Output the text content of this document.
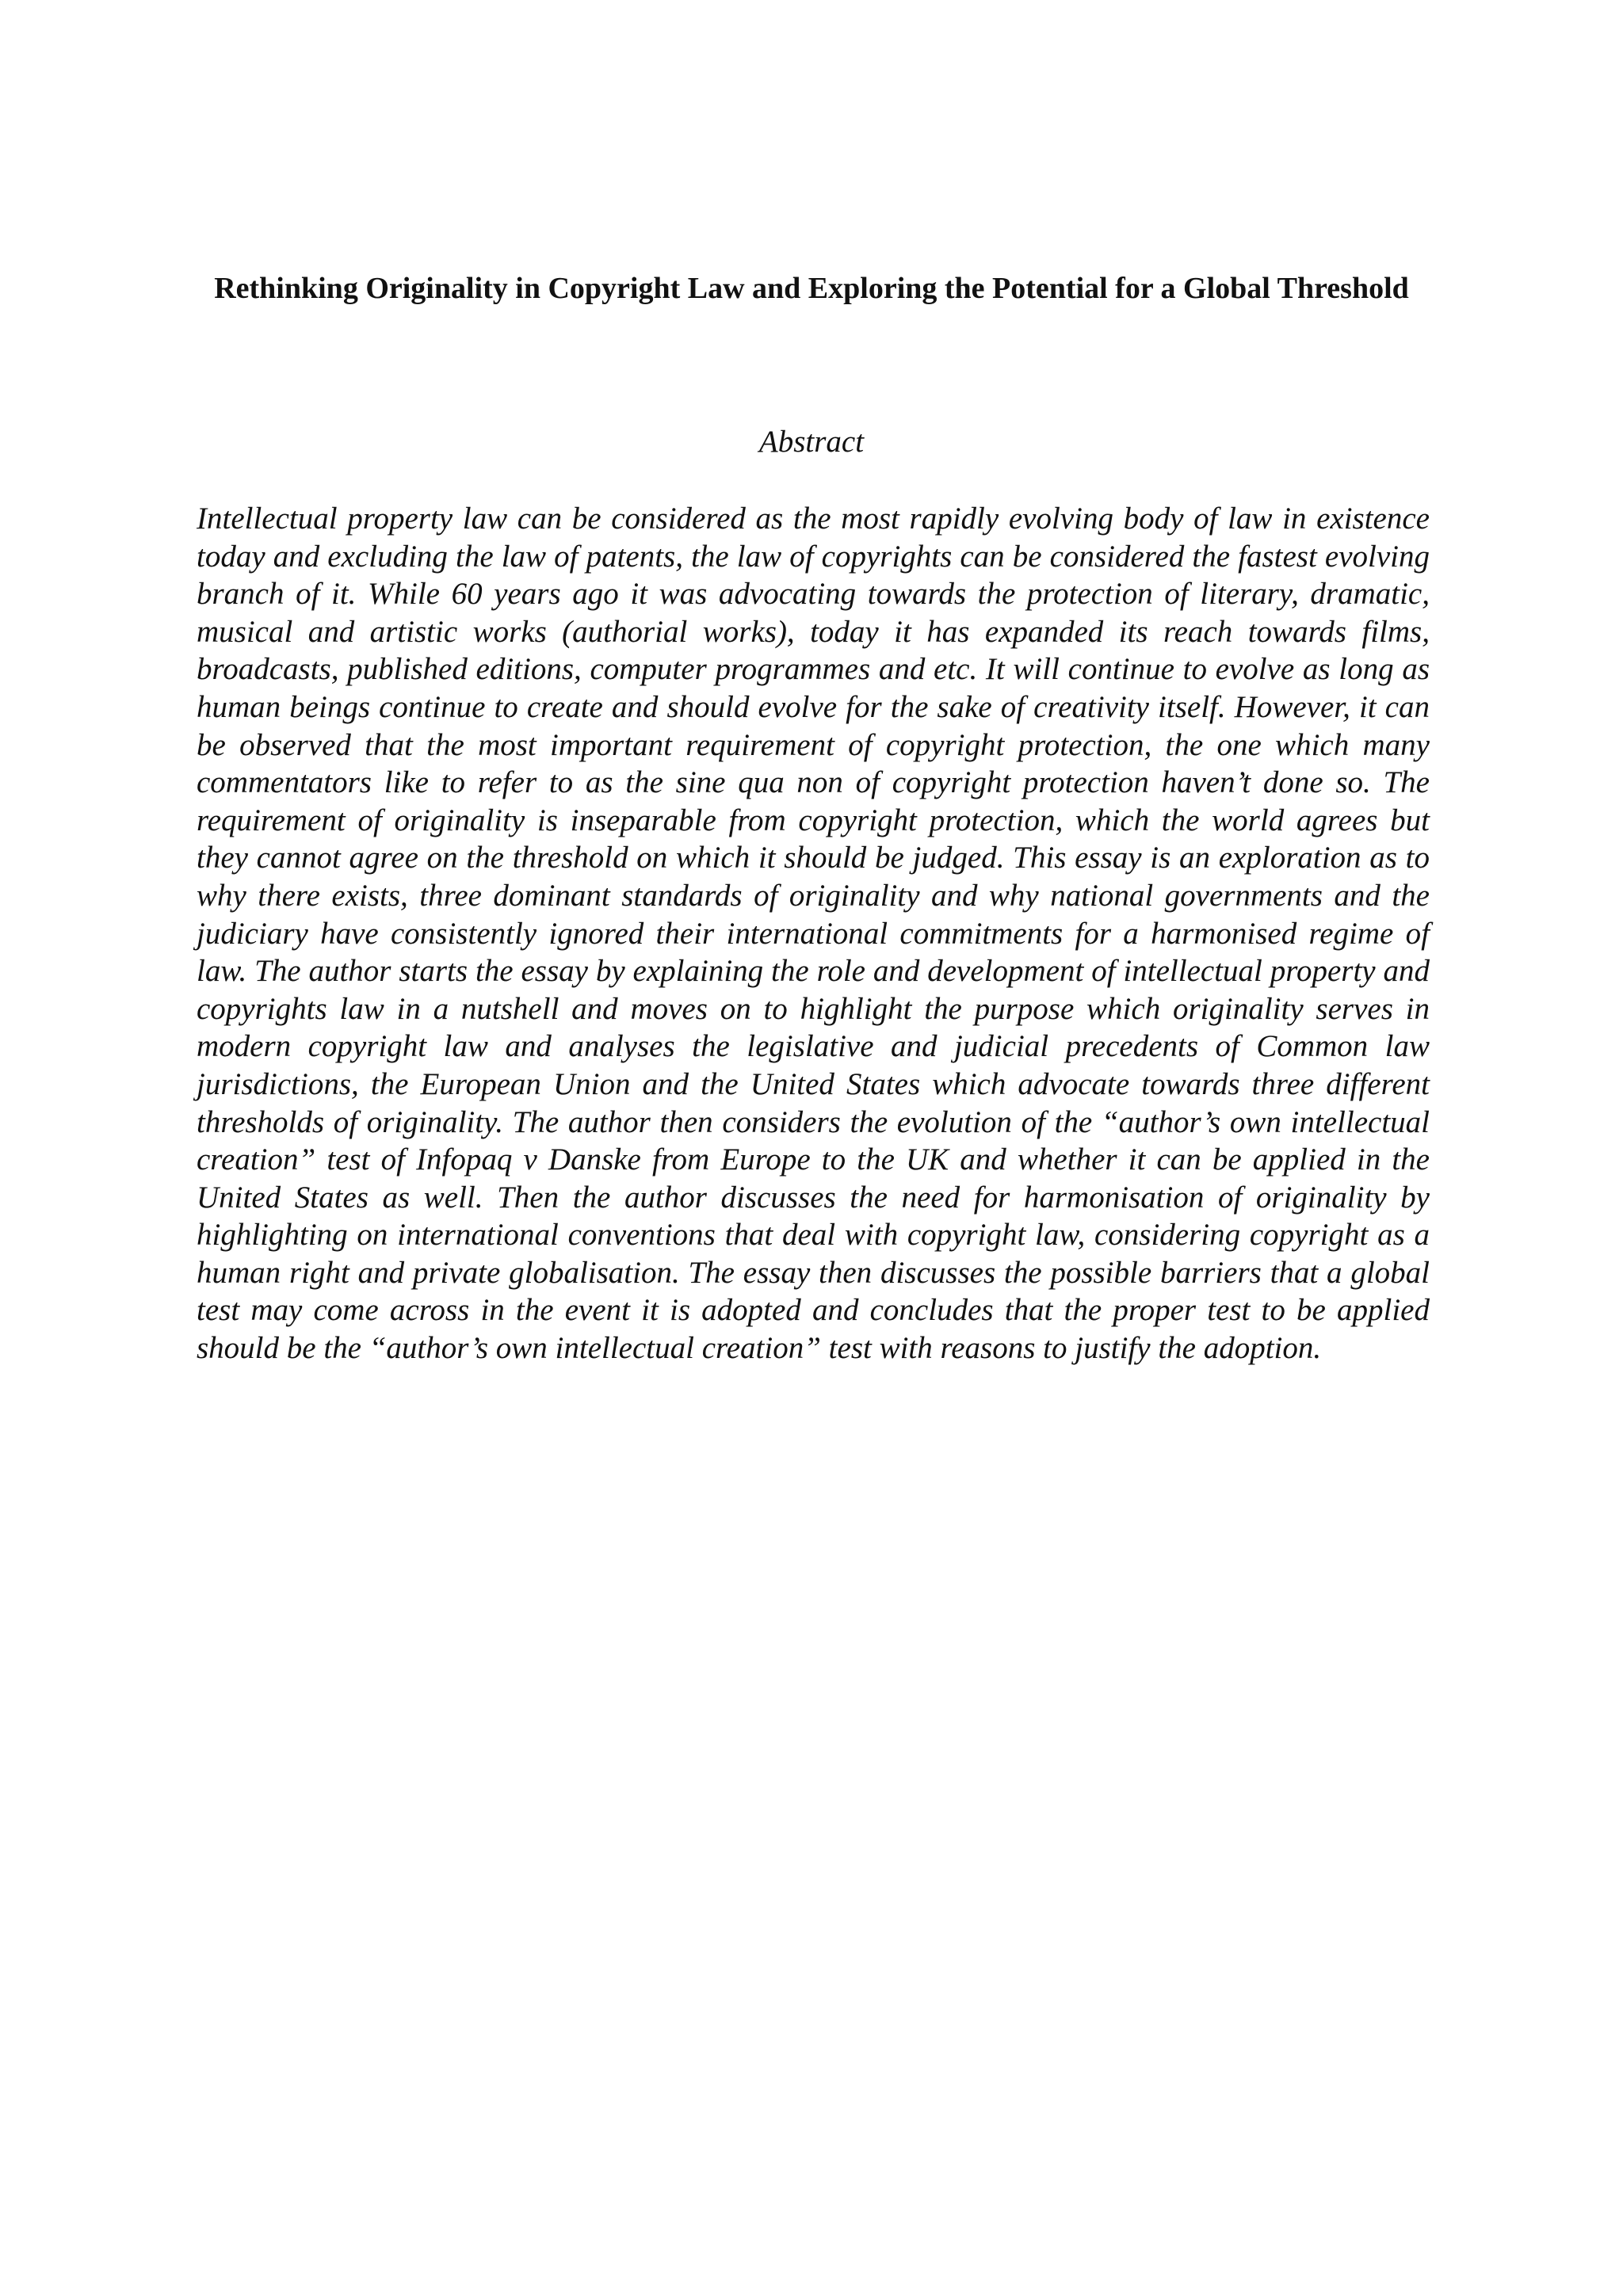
Rethinking Originality in Copyright Law and Exploring the Potential for a Global Threshold
Abstract

Intellectual property law can be considered as the most rapidly evolving body of law in existence today and excluding the law of patents, the law of copyrights can be considered the fastest evolving branch of it. While 60 years ago it was advocating towards the protection of literary, dramatic, musical and artistic works (authorial works), today it has expanded its reach towards films, broadcasts, published editions, computer programmes and etc. It will continue to evolve as long as human beings continue to create and should evolve for the sake of creativity itself. However, it can be observed that the most important requirement of copyright protection, the one which many commentators like to refer to as the sine qua non of copyright protection haven’t done so. The requirement of originality is inseparable from copyright protection, which the world agrees but they cannot agree on the threshold on which it should be judged. This essay is an exploration as to why there exists, three dominant standards of originality and why national governments and the judiciary have consistently ignored their international commitments for a harmonised regime of law. The author starts the essay by explaining the role and development of intellectual property and copyrights law in a nutshell and moves on to highlight the purpose which originality serves in modern copyright law and analyses the legislative and judicial precedents of Common law jurisdictions, the European Union and the United States which advocate towards three different thresholds of originality. The author then considers the evolution of the “author’s own intellectual creation” test of Infopaq v Danske from Europe to the UK and whether it can be applied in the United States as well. Then the author discusses the need for harmonisation of originality by highlighting on international conventions that deal with copyright law, considering copyright as a human right and private globalisation. The essay then discusses the possible barriers that a global test may come across in the event it is adopted and concludes that the proper test to be applied should be the “author’s own intellectual creation” test with reasons to justify the adoption.
